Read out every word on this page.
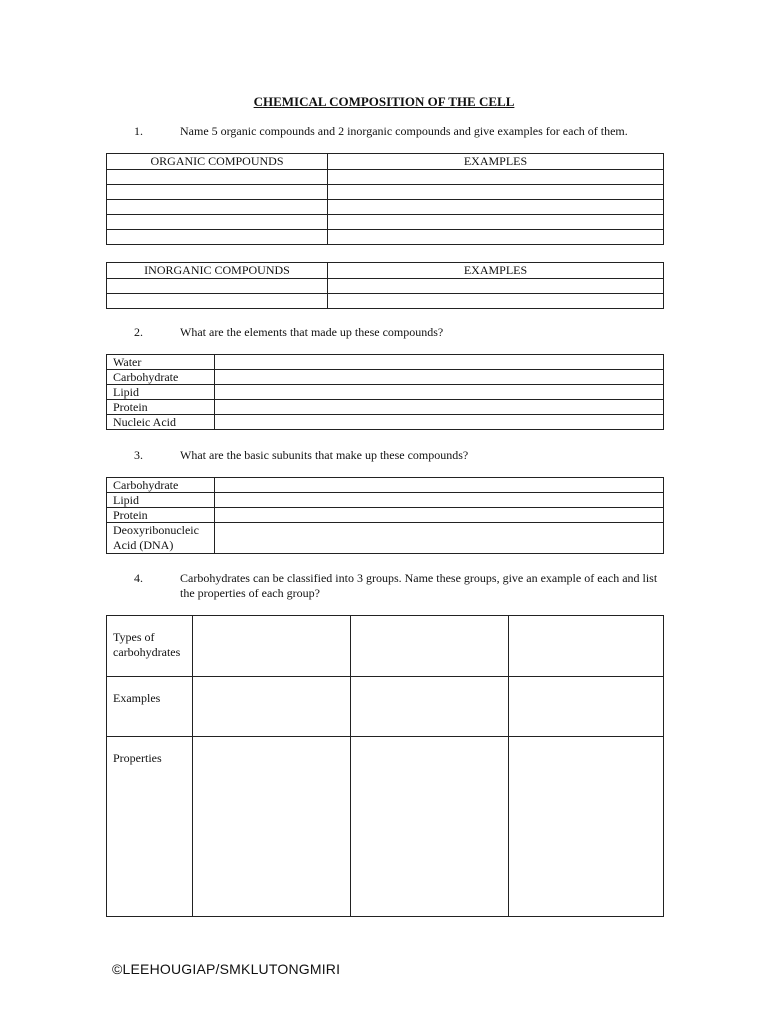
CHEMICAL COMPOSITION OF THE CELL
1.	Name 5 organic compounds and 2 inorganic compounds and give examples for each of them.
ORGANIC COMPOUNDS	EXAMPLES

INORGANIC COMPOUNDS	EXAMPLES

2.	What are the elements that made up these compounds?
Water	
Carbohydrate	
Lipid	
Protein	
Nucleic Acid	
3.	What are the basic subunits that make up these compounds?
Carbohydrate	
Lipid	
Protein	
Deoxyribonucleic Acid (DNA)	
4.	Carbohydrates can be classified into 3 groups. Name these groups, give an example of each and list the properties of each group?
Types of carbohydrates			
Examples			
Properties			
©LEEHOUGIAP/SMKLUTONGMIRI
